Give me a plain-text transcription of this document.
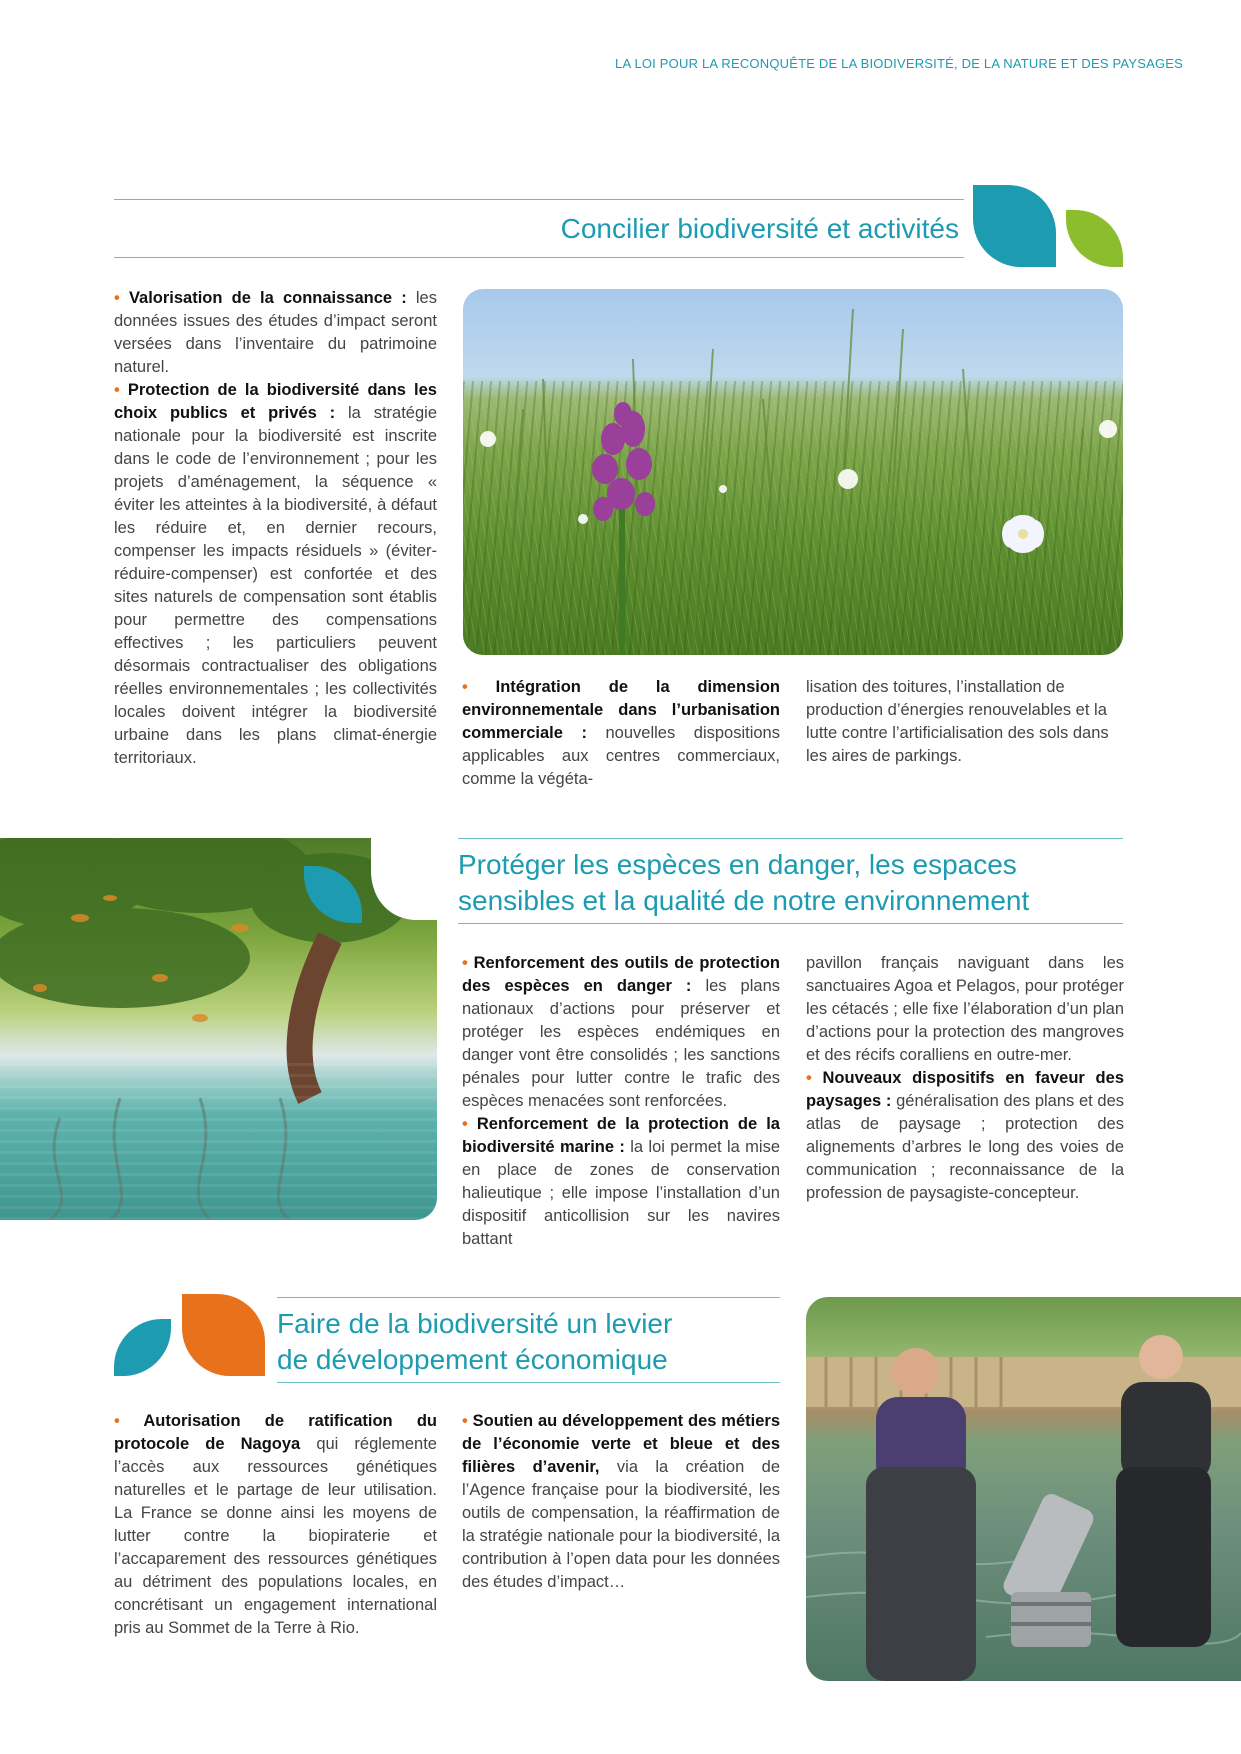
LA LOI POUR LA RECONQUÊTE DE LA BIODIVERSITÉ, DE LA NATURE ET DES PAYSAGES
Concilier biodiversité et activités

• Valorisation de la connaissance : les données issues des études d’impact seront versées dans l’inventaire du patrimoine naturel.

• Protection de la biodiversité dans les choix publics et privés : la stratégie nationale pour la biodiversité est inscrite dans le code de l’environnement ; pour les projets d’aménagement, la séquence « éviter les atteintes à la biodiversité, à défaut les réduire et, en dernier recours, compenser les impacts résiduels » (éviter-réduire-compenser) est confortée et des sites naturels de compensation sont établis pour permettre des compensations effectives ; les particuliers peuvent désormais contractualiser des obligations réelles environnementales ; les collectivités locales doivent intégrer la biodiversité urbaine dans les plans climat-énergie territoriaux.

• Intégration de la dimension environnementale dans l’urbanisation commerciale : nouvelles dispositions applicables aux centres commerciaux, comme la végéta-

lisation des toitures, l’installation de production d’énergies renouvelables et la lutte contre l’artificialisation des sols dans les aires de parkings.

Protéger les espèces en danger, les espaces
sensibles et la qualité de notre environnement

• Renforcement des outils de protection des espèces en danger : les plans nationaux d’actions pour préserver et protéger les espèces endémiques en danger vont être consolidés ; les sanctions pénales pour lutter contre le trafic des espèces menacées sont renforcées.

• Renforcement de la protection de la biodiversité marine : la loi permet la mise en place de zones de conservation halieutique ; elle impose l’installation d’un dispositif anticollision sur les navires battant

pavillon français naviguant dans les sanctuaires Agoa et Pelagos, pour protéger les cétacés ; elle fixe l’élaboration d’un plan d’actions pour la protection des mangroves et des récifs coralliens en outre-mer.

• Nouveaux dispositifs en faveur des paysages : généralisation des plans et des atlas de paysage ; protection des alignements d’arbres le long des voies de communication ; reconnaissance de la profession de paysagiste-concepteur.

Faire de la biodiversité un levier
de développement économique

• Autorisation de ratification du protocole de Nagoya qui réglemente l’accès aux ressources génétiques naturelles et le partage de leur utilisation. La France se donne ainsi les moyens de lutter contre la biopiraterie et l’accaparement des ressources génétiques au détriment des populations locales, en concrétisant un engagement international pris au Sommet de la Terre à Rio.

• Soutien au développement des métiers de l’économie verte et bleue et des filières d’avenir, via la création de l’Agence française pour la biodiversité, les outils de compensation, la réaffirmation de la stratégie nationale pour la biodiversité, la contribution à l’open data pour les données des études d’impact…
